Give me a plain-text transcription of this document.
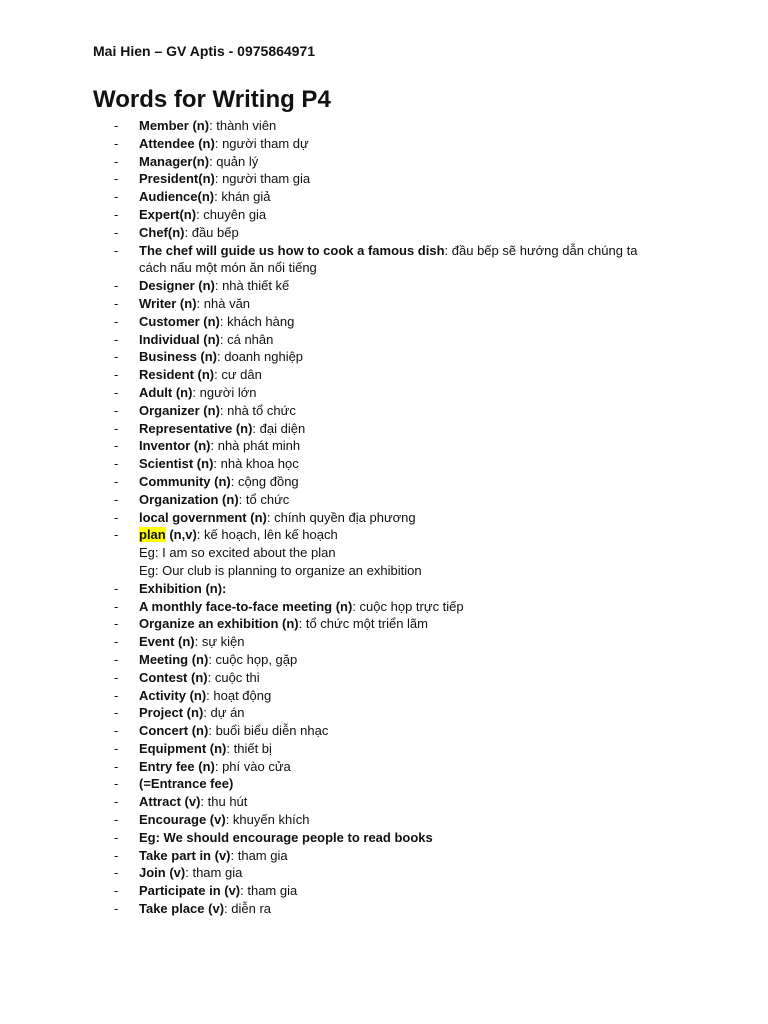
Mai Hien – GV Aptis - 0975864971
Words for Writing P4
- Member (n): thành viên
- Attendee (n): người tham dự
- Manager(n): quản lý
- President(n): người tham gia
- Audience(n): khán giả
- Expert(n): chuyên gia
- Chef(n): đầu bếp
- The chef will guide us how to cook a famous dish: đầu bếp sẽ hướng dẫn chúng ta cách nấu một món ăn nổi tiếng
- Designer (n): nhà thiết kế
- Writer (n): nhà văn
- Customer (n): khách hàng
- Individual (n): cá nhân
- Business (n): doanh nghiệp
- Resident (n): cư dân
- Adult (n): người lớn
- Organizer (n): nhà tổ chức
- Representative (n): đại diện
- Inventor (n): nhà phát minh
- Scientist (n): nhà khoa học
- Community (n): cộng đồng
- Organization (n): tổ chức
- local government (n): chính quyền địa phương
- plan (n,v): kế hoạch, lên kế hoạch
Eg: I am so excited about the plan
Eg: Our club is planning to organize an exhibition
- Exhibition (n):
- A monthly face-to-face meeting (n): cuộc họp trực tiếp
- Organize an exhibition (n): tổ chức một triển lãm
- Event (n): sự kiện
- Meeting (n): cuộc họp, gặp
- Contest (n): cuộc thi
- Activity (n): hoạt động
- Project (n): dự án
- Concert (n): buổi biểu diễn nhạc
- Equipment (n): thiết bị
- Entry fee (n): phí vào cửa
- (=Entrance fee)
- Attract (v): thu hút
- Encourage (v): khuyến khích
- Eg: We should encourage people to read books
- Take part in (v): tham gia
- Join (v): tham gia
- Participate in (v): tham gia
- Take place (v): diễn ra
